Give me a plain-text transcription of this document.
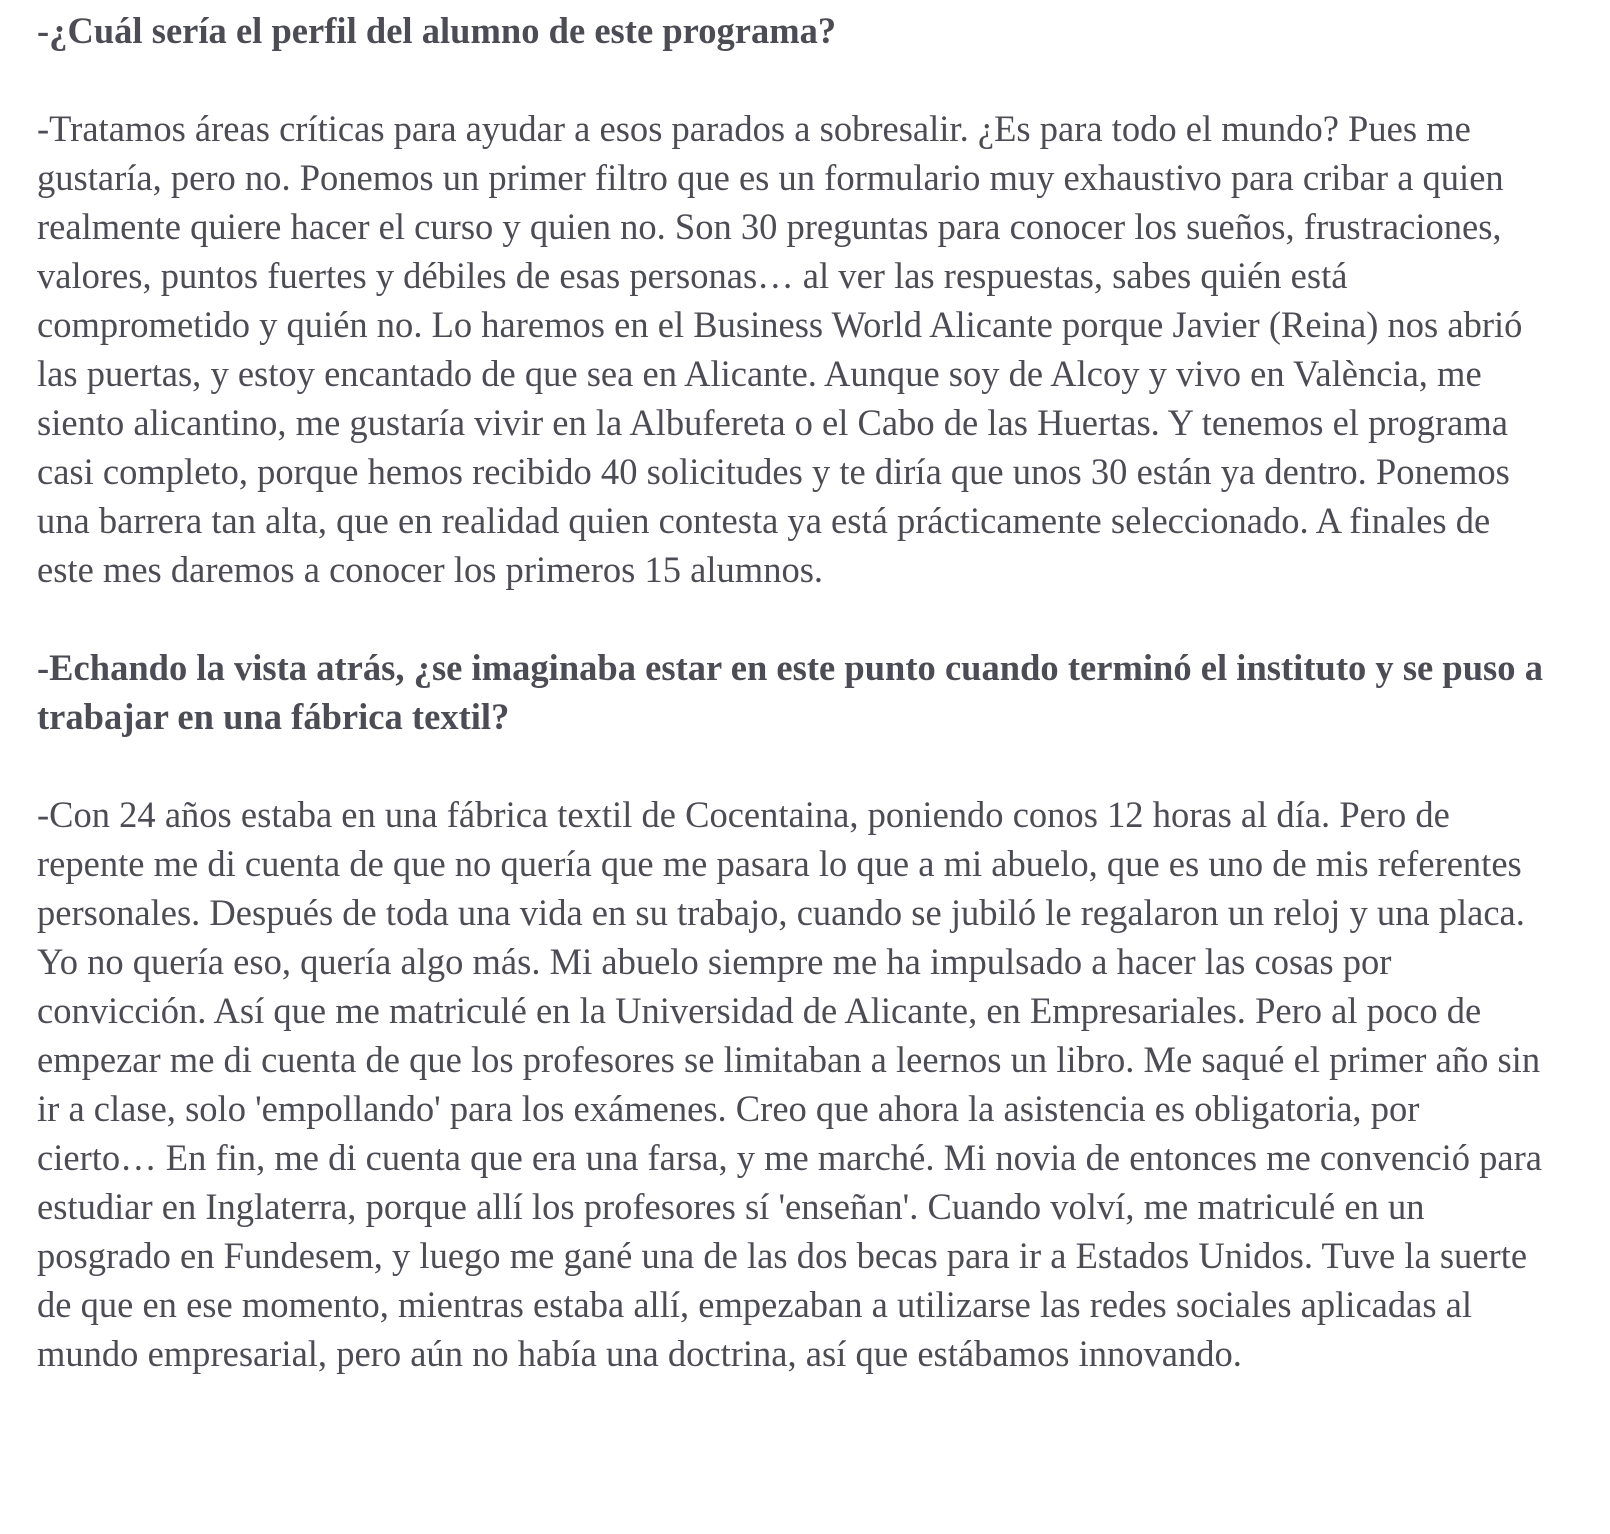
-¿Cuál sería el perfil del alumno de este programa?

-Tratamos áreas críticas para ayudar a esos parados a sobresalir. ¿Es para todo el mundo? Pues me gustaría, pero no. Ponemos un primer filtro que es un formulario muy exhaustivo para cribar a quien realmente quiere hacer el curso y quien no. Son 30 preguntas para conocer los sueños, frustraciones, valores, puntos fuertes y débiles de esas personas… al ver las respuestas, sabes quién está comprometido y quién no. Lo haremos en el Business World Alicante porque Javier (Reina) nos abrió las puertas, y estoy encantado de que sea en Alicante. Aunque soy de Alcoy y vivo en València, me siento alicantino, me gustaría vivir en la Albufereta o el Cabo de las Huertas. Y tenemos el programa casi completo, porque hemos recibido 40 solicitudes y te diría que unos 30 están ya dentro. Ponemos una barrera tan alta, que en realidad quien contesta ya está prácticamente seleccionado. A finales de este mes daremos a conocer los primeros 15 alumnos.

-Echando la vista atrás, ¿se imaginaba estar en este punto cuando terminó el instituto y se puso a trabajar en una fábrica textil?

-Con 24 años estaba en una fábrica textil de Cocentaina, poniendo conos 12 horas al día. Pero de repente me di cuenta de que no quería que me pasara lo que a mi abuelo, que es uno de mis referentes personales. Después de toda una vida en su trabajo, cuando se jubiló le regalaron un reloj y una placa. Yo no quería eso, quería algo más. Mi abuelo siempre me ha impulsado a hacer las cosas por convicción. Así que me matriculé en la Universidad de Alicante, en Empresariales. Pero al poco de empezar me di cuenta de que los profesores se limitaban a leernos un libro. Me saqué el primer año sin ir a clase, solo 'empollando' para los exámenes. Creo que ahora la asistencia es obligatoria, por cierto… En fin, me di cuenta que era una farsa, y me marché. Mi novia de entonces me convenció para estudiar en Inglaterra, porque allí los profesores sí 'enseñan'. Cuando volví, me matriculé en un posgrado en Fundesem, y luego me gané una de las dos becas para ir a Estados Unidos. Tuve la suerte de que en ese momento, mientras estaba allí, empezaban a utilizarse las redes sociales aplicadas al mundo empresarial, pero aún no había una doctrina, así que estábamos innovando.
